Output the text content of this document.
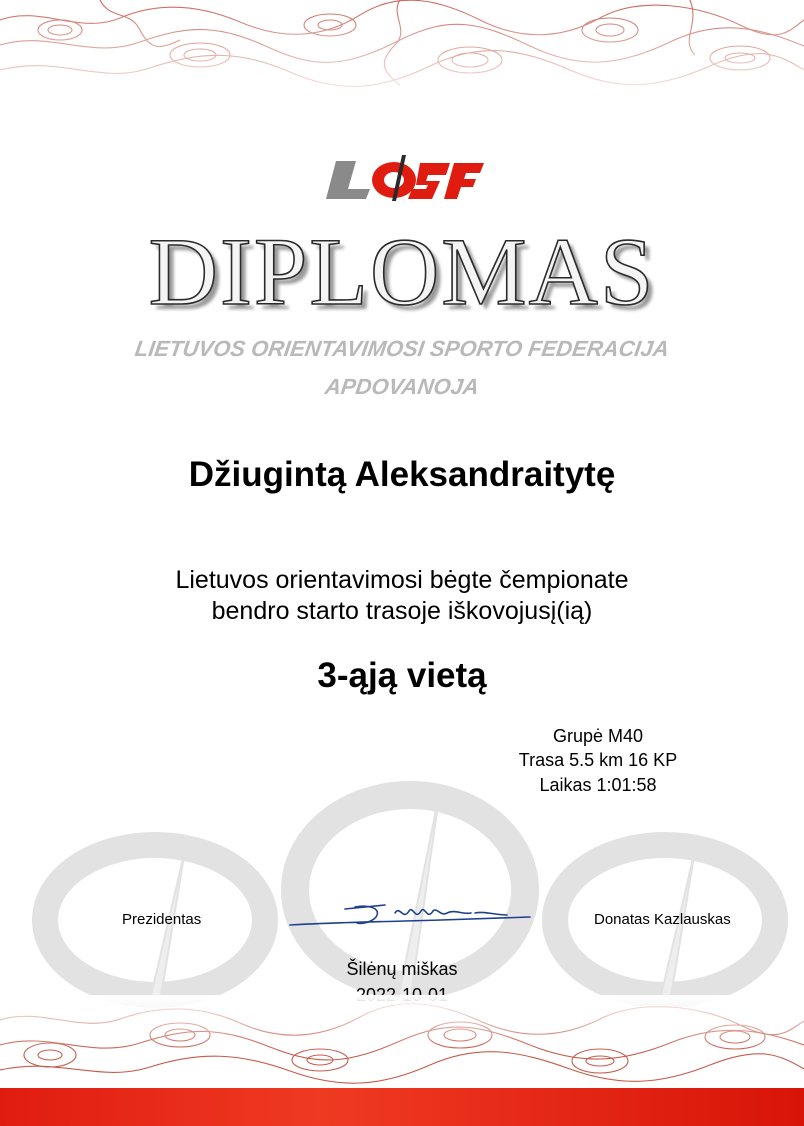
DIPLOMAS
LIETUVOS ORIENTAVIMOSI SPORTO FEDERACIJA
APDOVANOJA
Džiugintą Aleksandraitytę
Lietuvos orientavimosi bėgte čempionate
bendro starto trasoje iškovojusį(ią)
3-ąją vietą
Grupė M40
Trasa 5.5 km 16 KP
Laikas 1:01:58
Prezidentas	Donatas Kazlauskas
Šilėnų miškas
